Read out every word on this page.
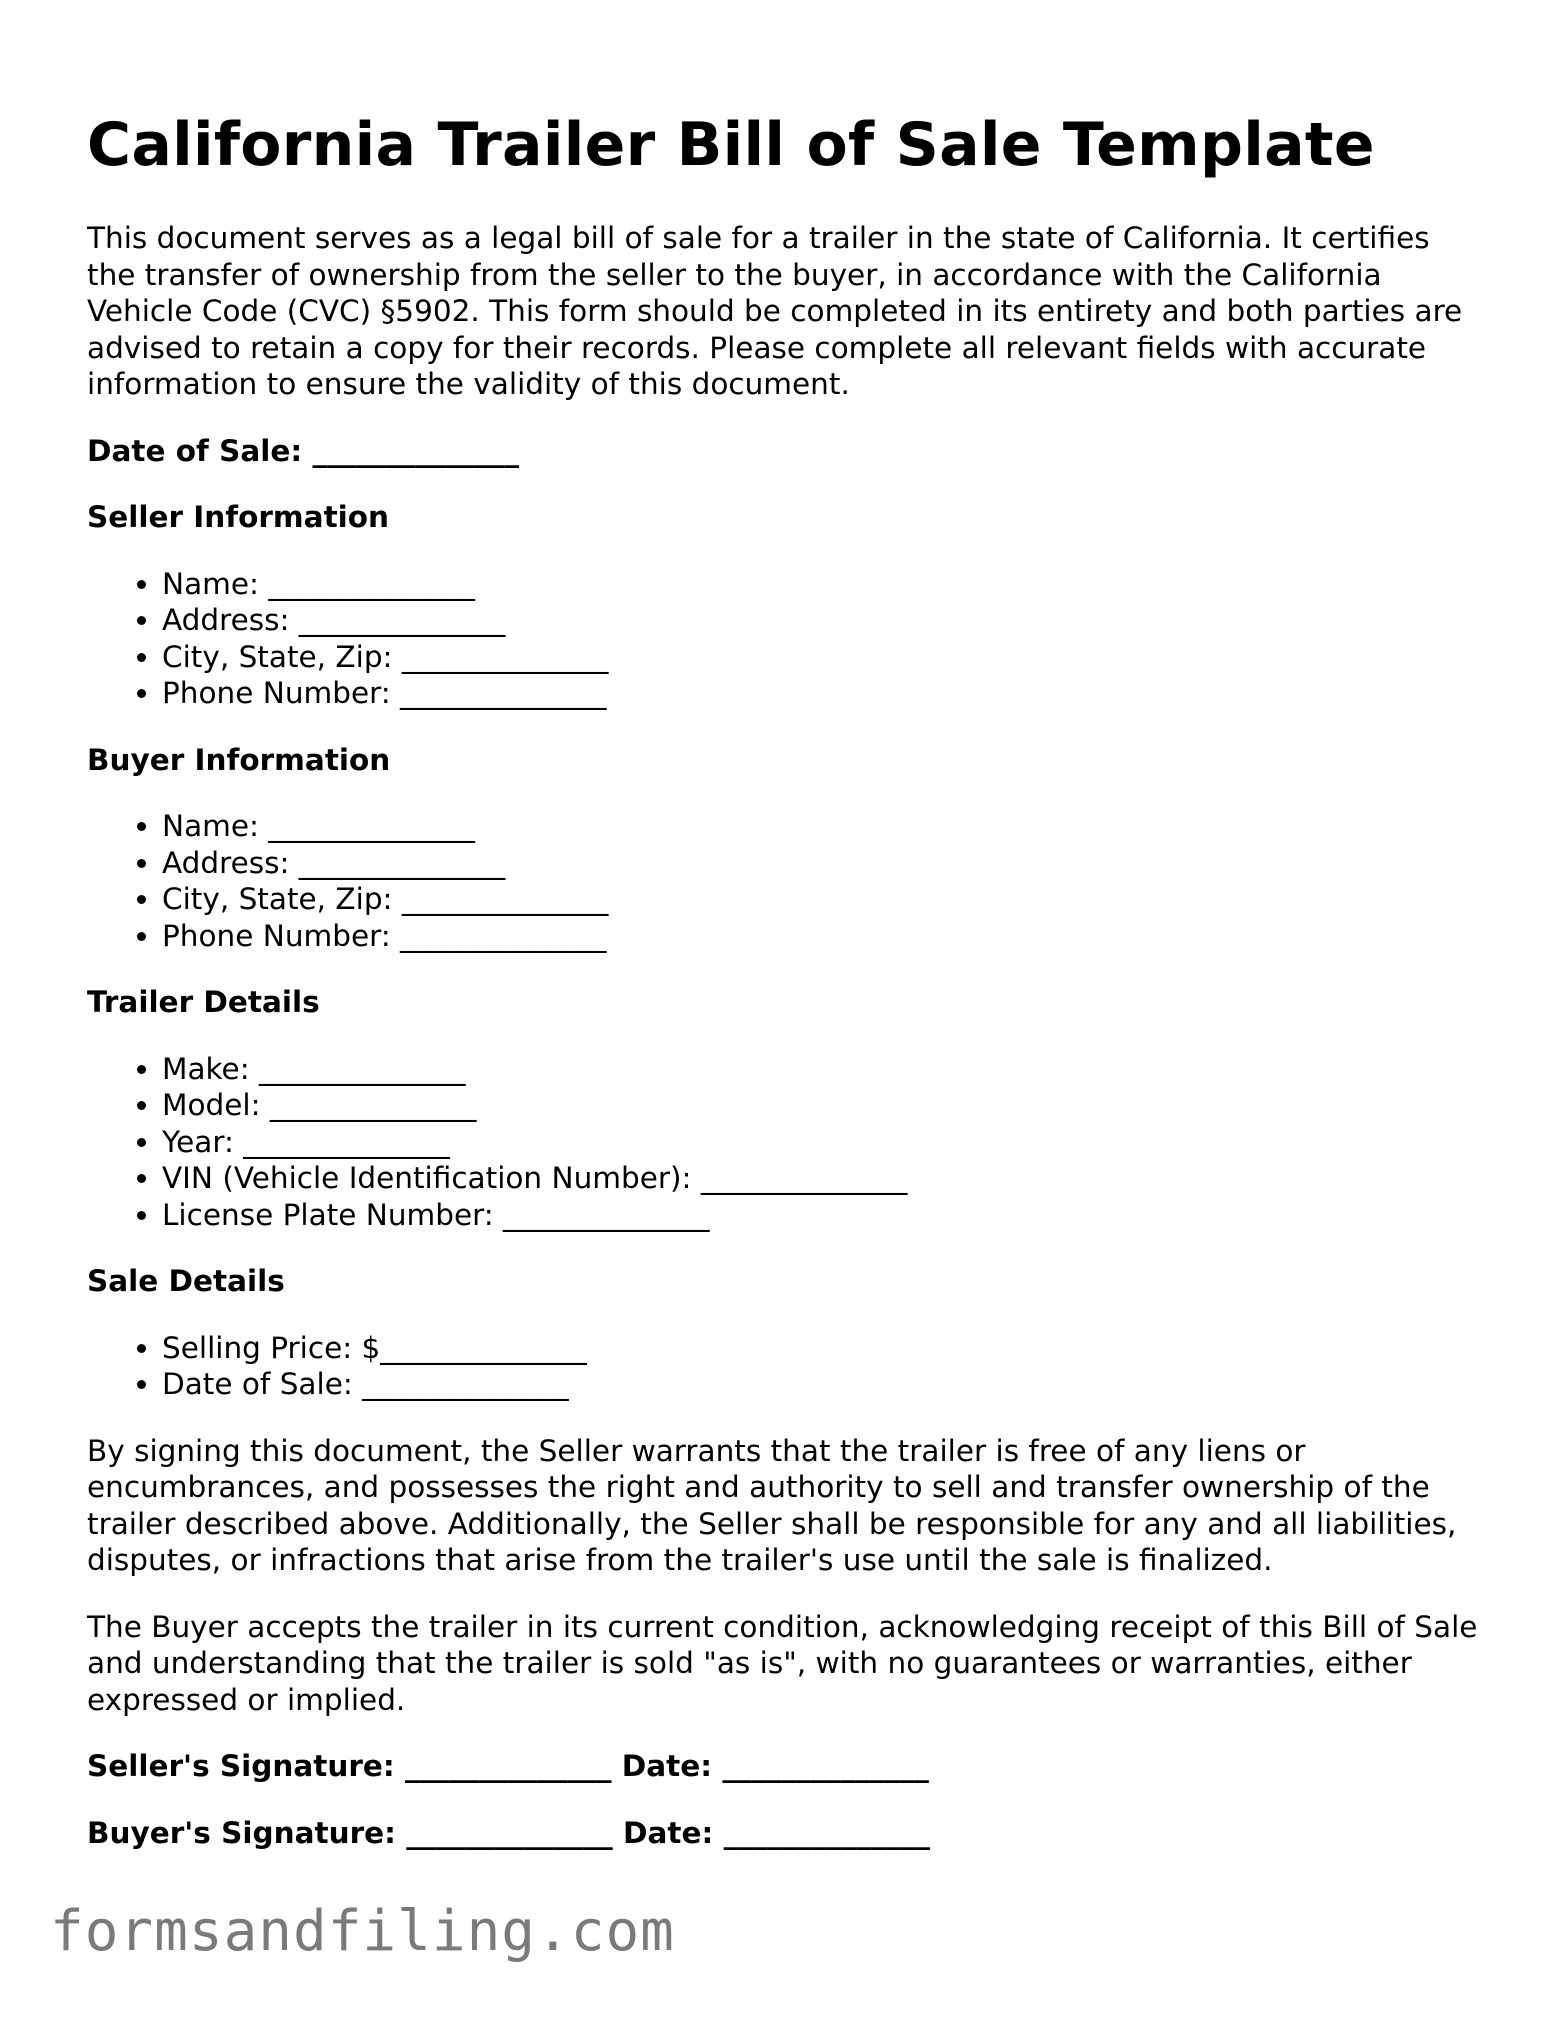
California Trailer Bill of Sale Template

This document serves as a legal bill of sale for a trailer in the state of California. It certifies the transfer of ownership from the seller to the buyer, in accordance with the California Vehicle Code (CVC) §5902. This form should be completed in its entirety and both parties are advised to retain a copy for their records. Please complete all relevant fields with accurate information to ensure the validity of this document.

Date of Sale: ______________
Seller Information
• Name: ______________
• Address: ______________
• City, State, Zip: ______________
• Phone Number: ______________
Buyer Information
• Name: ______________
• Address: ______________
• City, State, Zip: ______________
• Phone Number: ______________
Trailer Details
• Make: ______________
• Model: ______________
• Year: ______________
• VIN (Vehicle Identification Number): ______________
• License Plate Number: ______________
Sale Details
• Selling Price: $______________
• Date of Sale: ______________

By signing this document, the Seller warrants that the trailer is free of any liens or encumbrances, and possesses the right and authority to sell and transfer ownership of the trailer described above. Additionally, the Seller shall be responsible for any and all liabilities, disputes, or infractions that arise from the trailer's use until the sale is finalized.

The Buyer accepts the trailer in its current condition, acknowledging receipt of this Bill of Sale and understanding that the trailer is sold "as is", with no guarantees or warranties, either expressed or implied.

Seller's Signature: ______________ Date: ______________
Buyer's Signature: ______________ Date: ______________
formsandfiling.com
